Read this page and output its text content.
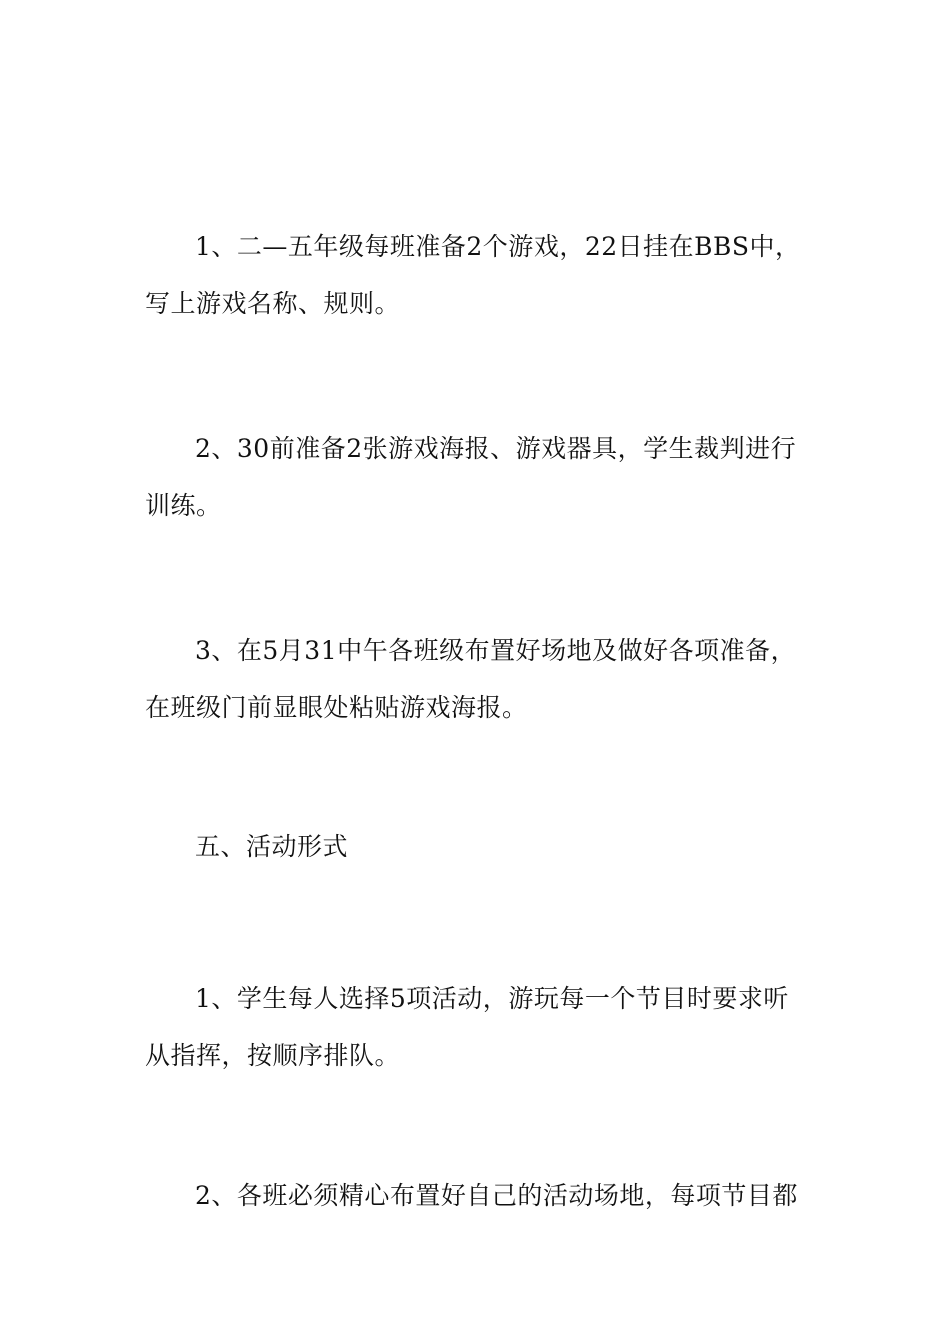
1、二—五年级每班准备2个游戏，22日挂在BBS中，写上游戏名称、规则。

2、30前准备2张游戏海报、游戏器具，学生裁判进行训练。

3、在5月31中午各班级布置好场地及做好各项准备，在班级门前显眼处粘贴游戏海报。

五、活动形式

1、学生每人选择5项活动，游玩每一个节目时要求听从指挥，按顺序排队。

2、各班必须精心布置好自己的活动场地，每项节目都
